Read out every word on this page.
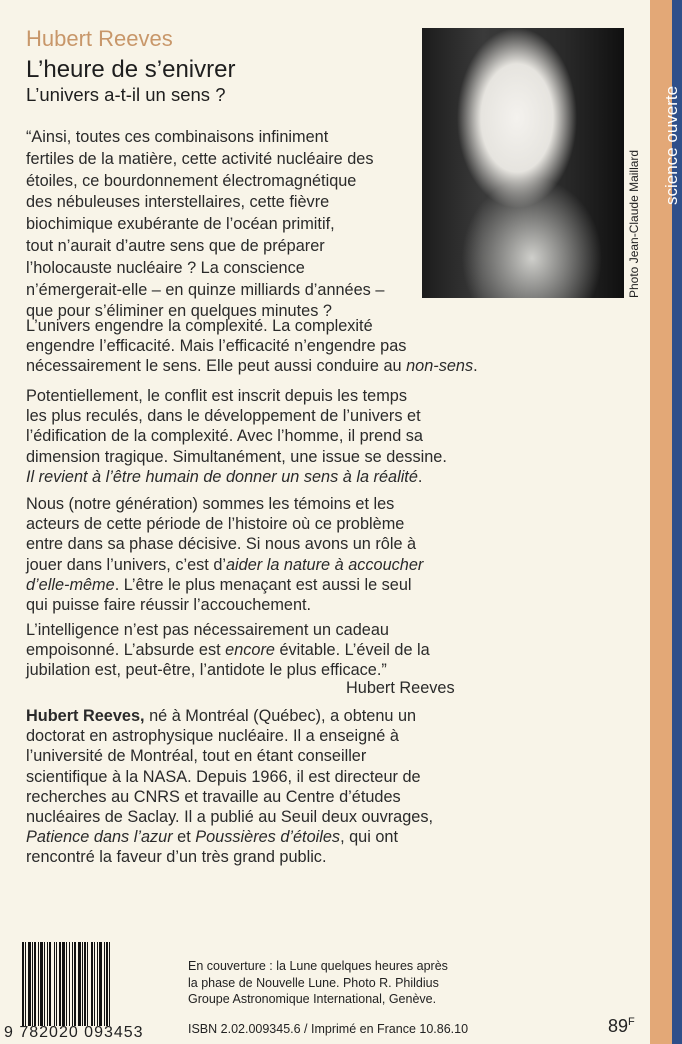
Hubert Reeves
L’heure de s’enivrer
L’univers a-t-il un sens ?
Photo Jean-Claude Maillard
science ouverte
“Ainsi, toutes ces combinaisons infiniment
fertiles de la matière, cette activité nucléaire des
étoiles, ce bourdonnement électromagnétique
des nébuleuses interstellaires, cette fièvre
biochimique exubérante de l’océan primitif,
tout n’aurait d’autre sens que de préparer
l’holocauste nucléaire ? La conscience
n’émergerait-elle – en quinze milliards d’années –
que pour s’éliminer en quelques minutes ?
L’univers engendre la complexité. La complexité
engendre l’efficacité. Mais l’efficacité n’engendre pas
nécessairement le sens. Elle peut aussi conduire au non-sens.
Potentiellement, le conflit est inscrit depuis les temps
les plus reculés, dans le développement de l’univers et
l’édification de la complexité. Avec l’homme, il prend sa
dimension tragique. Simultanément, une issue se dessine.
Il revient à l’être humain de donner un sens à la réalité.
Nous (notre génération) sommes les témoins et les
acteurs de cette période de l’histoire où ce problème
entre dans sa phase décisive. Si nous avons un rôle à
jouer dans l’univers, c’est d’aider la nature à accoucher
d’elle-même. L’être le plus menaçant est aussi le seul
qui puisse faire réussir l’accouchement.
L’intelligence n’est pas nécessairement un cadeau
empoisonné. L’absurde est encore évitable. L’éveil de la
jubilation est, peut-être, l’antidote le plus efficace.”
Hubert Reeves
Hubert Reeves, né à Montréal (Québec), a obtenu un
doctorat en astrophysique nucléaire. Il a enseigné à
l’université de Montréal, tout en étant conseiller
scientifique à la NASA. Depuis 1966, il est directeur de
recherches au CNRS et travaille au Centre d’études
nucléaires de Saclay. Il a publié au Seuil deux ouvrages,
Patience dans l’azur et Poussières d’étoiles, qui ont
rencontré la faveur d’un très grand public.
9 782020 093453
En couverture : la Lune quelques heures après
la phase de Nouvelle Lune. Photo R. Phildius
Groupe Astronomique International, Genève.
ISBN 2.02.009345.6 / Imprimé en France 10.86.10	$89^F$
